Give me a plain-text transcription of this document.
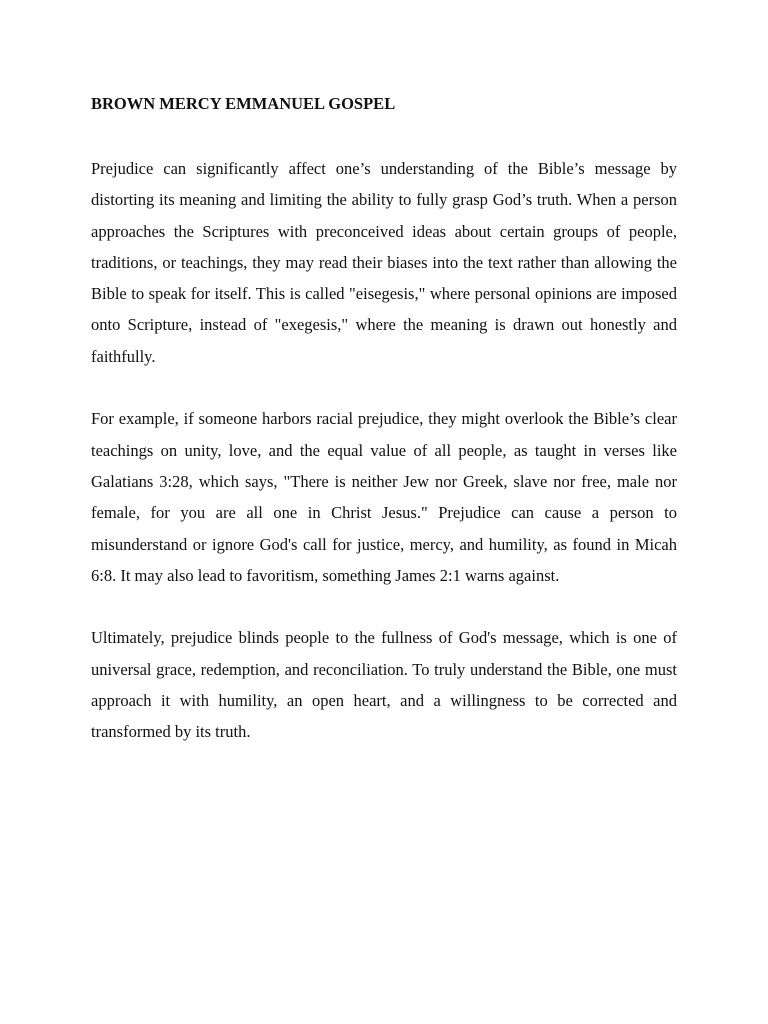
BROWN MERCY EMMANUEL GOSPEL

Prejudice can significantly affect one’s understanding of the Bible’s message by distorting its meaning and limiting the ability to fully grasp God’s truth. When a person approaches the Scriptures with preconceived ideas about certain groups of people, traditions, or teachings, they may read their biases into the text rather than allowing the Bible to speak for itself. This is called "eisegesis," where personal opinions are imposed onto Scripture, instead of "exegesis," where the meaning is drawn out honestly and faithfully.

For example, if someone harbors racial prejudice, they might overlook the Bible’s clear teachings on unity, love, and the equal value of all people, as taught in verses like Galatians 3:28, which says, "There is neither Jew nor Greek, slave nor free, male nor female, for you are all one in Christ Jesus." Prejudice can cause a person to misunderstand or ignore God's call for justice, mercy, and humility, as found in Micah 6:8. It may also lead to favoritism, something James 2:1 warns against.

Ultimately, prejudice blinds people to the fullness of God's message, which is one of universal grace, redemption, and reconciliation. To truly understand the Bible, one must approach it with humility, an open heart, and a willingness to be corrected and transformed by its truth.
